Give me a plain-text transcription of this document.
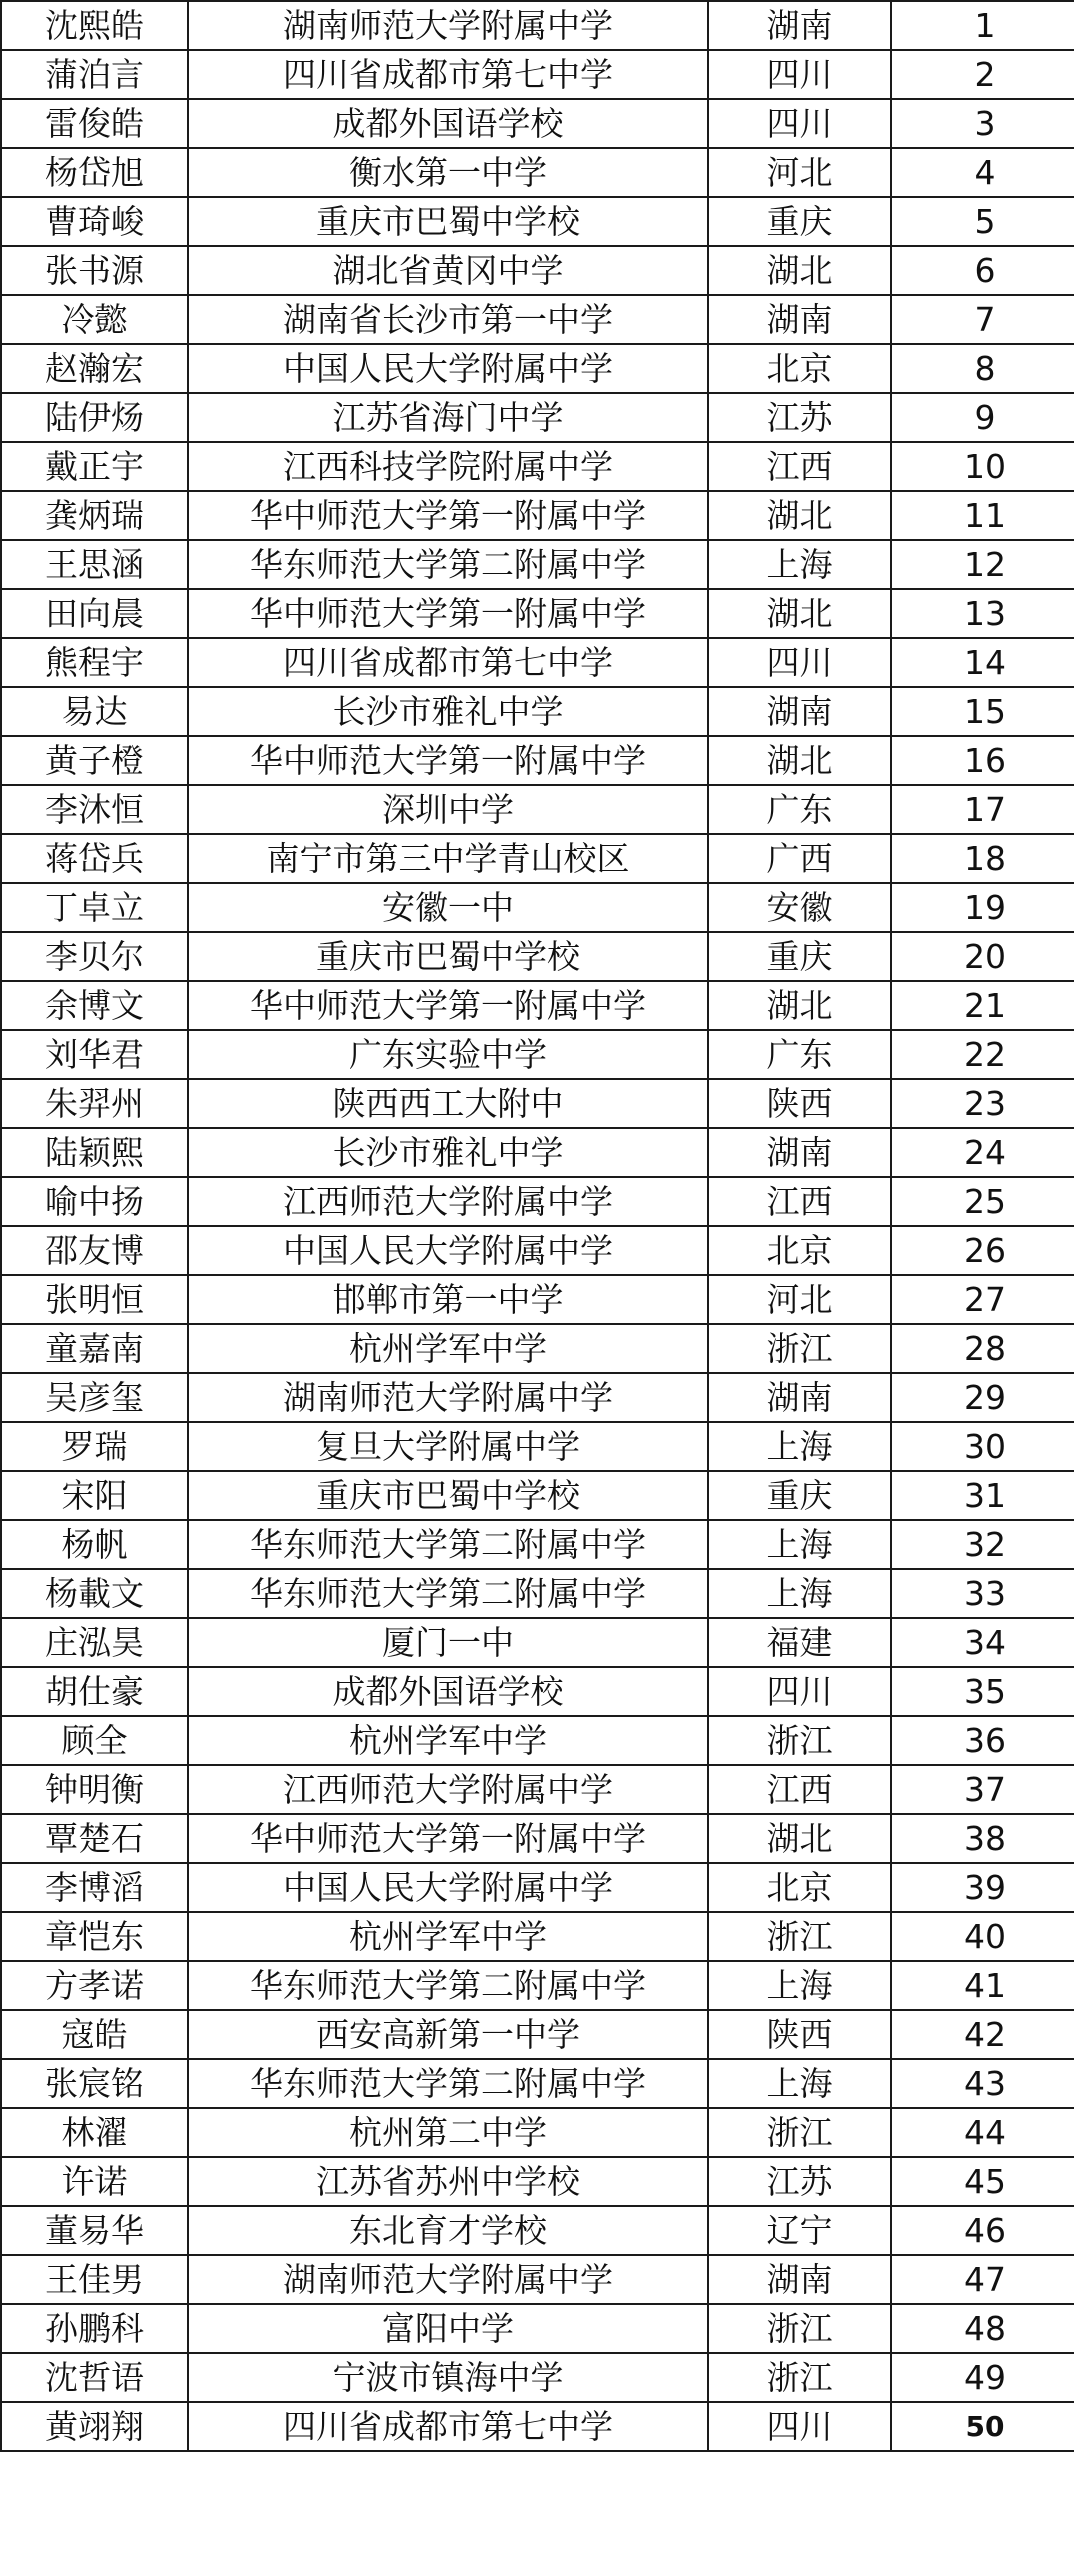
沈熙皓	湖南师范大学附属中学	湖南	1
蒲泊言	四川省成都市第七中学	四川	2
雷俊皓	成都外国语学校	四川	3
杨岱旭	衡水第一中学	河北	4
曹琦峻	重庆市巴蜀中学校	重庆	5
张书源	湖北省黄冈中学	湖北	6
冷懿	湖南省长沙市第一中学	湖南	7
赵瀚宏	中国人民大学附属中学	北京	8
陆伊炀	江苏省海门中学	江苏	9
戴正宇	江西科技学院附属中学	江西	10
龚炳瑞	华中师范大学第一附属中学	湖北	11
王思涵	华东师范大学第二附属中学	上海	12
田向晨	华中师范大学第一附属中学	湖北	13
熊程宇	四川省成都市第七中学	四川	14
易达	长沙市雅礼中学	湖南	15
黄子橙	华中师范大学第一附属中学	湖北	16
李沐恒	深圳中学	广东	17
蒋岱兵	南宁市第三中学青山校区	广西	18
丁卓立	安徽一中	安徽	19
李贝尔	重庆市巴蜀中学校	重庆	20
余博文	华中师范大学第一附属中学	湖北	21
刘华君	广东实验中学	广东	22
朱羿州	陕西西工大附中	陕西	23
陆颖熙	长沙市雅礼中学	湖南	24
喻中扬	江西师范大学附属中学	江西	25
邵友博	中国人民大学附属中学	北京	26
张明恒	邯郸市第一中学	河北	27
童嘉南	杭州学军中学	浙江	28
吴彦玺	湖南师范大学附属中学	湖南	29
罗瑞	复旦大学附属中学	上海	30
宋阳	重庆市巴蜀中学校	重庆	31
杨帆	华东师范大学第二附属中学	上海	32
杨載文	华东师范大学第二附属中学	上海	33
庄泓昊	厦门一中	福建	34
胡仕豪	成都外国语学校	四川	35
顾全	杭州学军中学	浙江	36
钟明衡	江西师范大学附属中学	江西	37
覃楚石	华中师范大学第一附属中学	湖北	38
李博滔	中国人民大学附属中学	北京	39
章恺东	杭州学军中学	浙江	40
方孝诺	华东师范大学第二附属中学	上海	41
寇皓	西安高新第一中学	陕西	42
张宸铭	华东师范大学第二附属中学	上海	43
林濯	杭州第二中学	浙江	44
许诺	江苏省苏州中学校	江苏	45
董易华	东北育才学校	辽宁	46
王佳男	湖南师范大学附属中学	湖南	47
孙鹏科	富阳中学	浙江	48
沈哲语	宁波市镇海中学	浙江	49
黄翊翔	四川省成都市第七中学	四川	50
